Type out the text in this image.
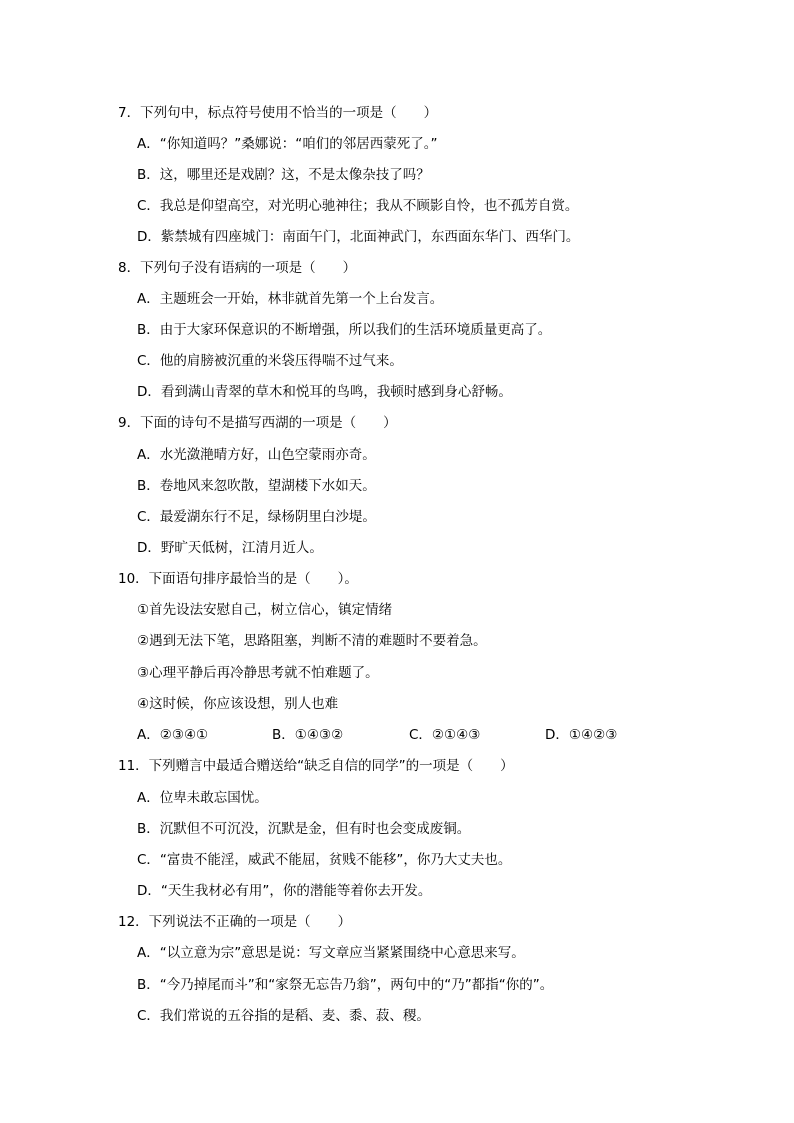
7．下列句中，标点符号使用不恰当的一项是（　　）
A．“你知道吗？”桑娜说：“咱们的邻居西蒙死了。”
B．这，哪里还是戏剧？这，不是太像杂技了吗？
C．我总是仰望高空，对光明心驰神往；我从不顾影自怜，也不孤芳自赏。
D．紫禁城有四座城门：南面午门，北面神武门，东西面东华门、西华门。
8．下列句子没有语病的一项是（　　）
A．主题班会一开始，林非就首先第一个上台发言。
B．由于大家环保意识的不断增强，所以我们的生活环境质量更高了。
C．他的肩膀被沉重的米袋压得喘不过气来。
D．看到满山青翠的草木和悦耳的鸟鸣，我顿时感到身心舒畅。
9．下面的诗句不是描写西湖的一项是（　　）
A．水光潋滟晴方好，山色空蒙雨亦奇。
B．卷地风来忽吹散，望湖楼下水如天。
C．最爱湖东行不足，绿杨阴里白沙堤。
D．野旷天低树，江清月近人。
10．下面语句排序最恰当的是（　　）。
①首先设法安慰自己，树立信心，镇定情绪
②遇到无法下笔，思路阻塞，判断不清的难题时不要着急。
③心理平静后再冷静思考就不怕难题了。
④这时候，你应该设想，别人也难
A．②③④①	B．①④③②	C．②①④③	D．①④②③
11．下列赠言中最适合赠送给“缺乏自信的同学”的一项是（　　）
A．位卑未敢忘国忧。
B．沉默但不可沉没，沉默是金，但有时也会变成废铜。
C．“富贵不能淫，威武不能屈，贫贱不能移”，你乃大丈夫也。
D．“天生我材必有用”，你的潜能等着你去开发。
12．下列说法不正确的一项是（　　）
A．“以立意为宗”意思是说：写文章应当紧紧围绕中心意思来写。
B．“今乃掉尾而斗”和“家祭无忘告乃翁”，两句中的“乃”都指“你的”。
C．我们常说的五谷指的是稻、麦、黍、菽、稷。
